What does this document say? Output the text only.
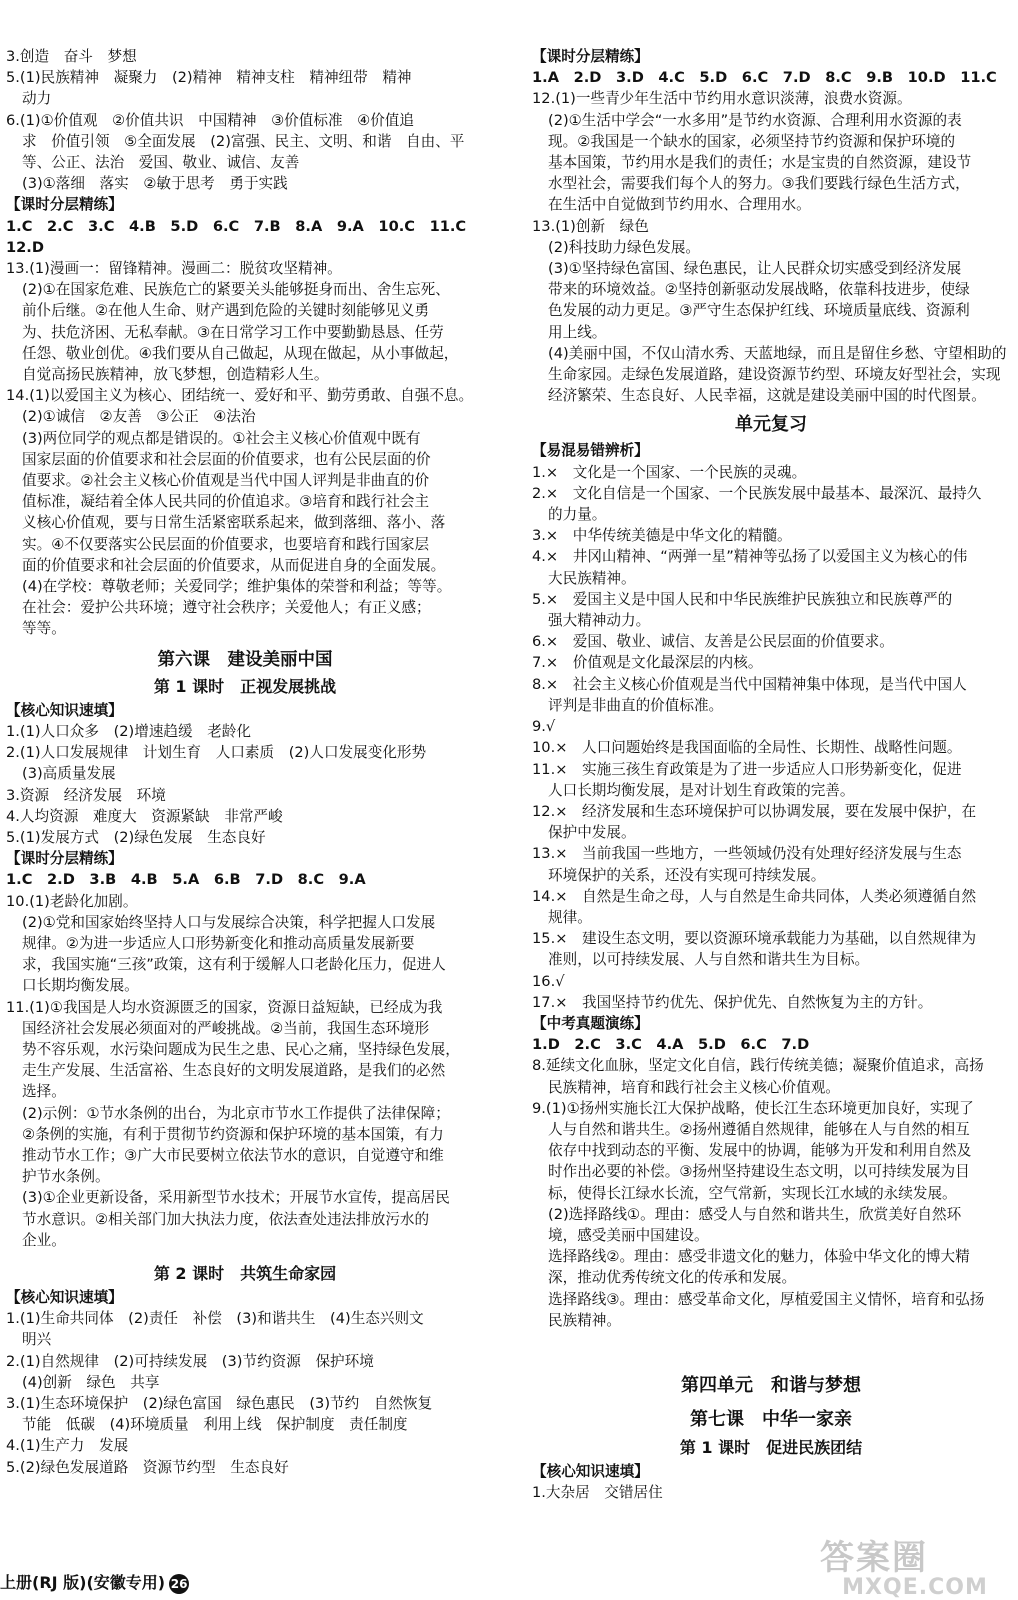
3.创造　奋斗　梦想
5.(1)民族精神　凝聚力　(2)精神　精神支柱　精神纽带　精神
动力
6.(1)①价值观　②价值共识　中国精神　③价值标准　④价值追
求　价值引领　⑤全面发展　(2)富强、民主、文明、和谐　自由、平
等、公正、法治　爱国、敬业、诚信、友善
(3)①落细　落实　②敏于思考　勇于实践
【课时分层精练】
1.C　2.C　3.C　4.B　5.D　6.C　7.B　8.A　9.A　10.C　11.C
12.D
13.(1)漫画一：留锋精神。漫画二：脱贫攻坚精神。
(2)①在国家危难、民族危亡的紧要关头能够挺身而出、舍生忘死、
前仆后继。②在他人生命、财产遇到危险的关键时刻能够见义勇
为、扶危济困、无私奉献。③在日常学习工作中要勤勤恳恳、任劳
任怨、敬业创优。④我们要从自己做起，从现在做起，从小事做起，
自觉高扬民族精神，放飞梦想，创造精彩人生。
14.(1)以爱国主义为核心、团结统一、爱好和平、勤劳勇敢、自强不息。
(2)①诚信　②友善　③公正　④法治
(3)两位同学的观点都是错误的。①社会主义核心价值观中既有
国家层面的价值要求和社会层面的价值要求，也有公民层面的价
值要求。②社会主义核心价值观是当代中国人评判是非曲直的价
值标准，凝结着全体人民共同的价值追求。③培育和践行社会主
义核心价值观，要与日常生活紧密联系起来，做到落细、落小、落
实。④不仅要落实公民层面的价值要求，也要培育和践行国家层
面的价值要求和社会层面的价值要求，从而促进自身的全面发展。
(4)在学校：尊敬老师；关爱同学；维护集体的荣誉和利益；等等。
在社会：爱护公共环境；遵守社会秩序；关爱他人；有正义感；
等等。
第六课　建设美丽中国
第 1 课时　正视发展挑战
【核心知识速填】
1.(1)人口众多　(2)增速趋缓　老龄化
2.(1)人口发展规律　计划生育　人口素质　(2)人口发展变化形势
(3)高质量发展
3.资源　经济发展　环境
4.人均资源　难度大　资源紧缺　非常严峻
5.(1)发展方式　(2)绿色发展　生态良好
【课时分层精练】
1.C　2.D　3.B　4.B　5.A　6.B　7.D　8.C　9.A
10.(1)老龄化加剧。
(2)①党和国家始终坚持人口与发展综合决策，科学把握人口发展
规律。②为进一步适应人口形势新变化和推动高质量发展新要
求，我国实施“三孩”政策，这有利于缓解人口老龄化压力，促进人
口长期均衡发展。
11.(1)①我国是人均水资源匮乏的国家，资源日益短缺，已经成为我
国经济社会发展必须面对的严峻挑战。②当前，我国生态环境形
势不容乐观，水污染问题成为民生之患、民心之痛，坚持绿色发展，
走生产发展、生活富裕、生态良好的文明发展道路，是我们的必然
选择。
(2)示例：①节水条例的出台，为北京市节水工作提供了法律保障；
②条例的实施，有利于贯彻节约资源和保护环境的基本国策，有力
推动节水工作；③广大市民要树立依法节水的意识，自觉遵守和维
护节水条例。
(3)①企业更新设备，采用新型节水技术；开展节水宣传，提高居民
节水意识。②相关部门加大执法力度，依法查处违法排放污水的
企业。
第 2 课时　共筑生命家园
【核心知识速填】
1.(1)生命共同体　(2)责任　补偿　(3)和谐共生　(4)生态兴则文
明兴
2.(1)自然规律　(2)可持续发展　(3)节约资源　保护环境
(4)创新　绿色　共享
3.(1)生态环境保护　(2)绿色富国　绿色惠民　(3)节约　自然恢复
节能　低碳　(4)环境质量　利用上线　保护制度　责任制度
4.(1)生产力　发展
5.(2)绿色发展道路　资源节约型　生态良好
【课时分层精练】
1.A　2.D　3.D　4.C　5.D　6.C　7.D　8.C　9.B　10.D　11.C
12.(1)一些青少年生活中节约用水意识淡薄，浪费水资源。
(2)①生活中学会“一水多用”是节约水资源、合理利用水资源的表
现。②我国是一个缺水的国家，必须坚持节约资源和保护环境的
基本国策，节约用水是我们的责任；水是宝贵的自然资源，建设节
水型社会，需要我们每个人的努力。③我们要践行绿色生活方式，
在生活中自觉做到节约用水、合理用水。
13.(1)创新　绿色
(2)科技助力绿色发展。
(3)①坚持绿色富国、绿色惠民，让人民群众切实感受到经济发展
带来的环境效益。②坚持创新驱动发展战略，依靠科技进步，使绿
色发展的动力更足。③严守生态保护红线、环境质量底线、资源利
用上线。
(4)美丽中国，不仅山清水秀、天蓝地绿，而且是留住乡愁、守望相助的
生命家园。走绿色发展道路，建设资源节约型、环境友好型社会，实现
经济繁荣、生态良好、人民幸福，这就是建设美丽中国的时代图景。
单元复习
【易混易错辨析】
1.×　文化是一个国家、一个民族的灵魂。
2.×　文化自信是一个国家、一个民族发展中最基本、最深沉、最持久
的力量。
3.×　中华传统美德是中华文化的精髓。
4.×　井冈山精神、“两弹一星”精神等弘扬了以爱国主义为核心的伟
大民族精神。
5.×　爱国主义是中国人民和中华民族维护民族独立和民族尊严的
强大精神动力。
6.×　爱国、敬业、诚信、友善是公民层面的价值要求。
7.×　价值观是文化最深层的内核。
8.×　社会主义核心价值观是当代中国精神集中体现，是当代中国人
评判是非曲直的价值标准。
9.√
10.×　人口问题始终是我国面临的全局性、长期性、战略性问题。
11.×　实施三孩生育政策是为了进一步适应人口形势新变化，促进
人口长期均衡发展，是对计划生育政策的完善。
12.×　经济发展和生态环境保护可以协调发展，要在发展中保护，在
保护中发展。
13.×　当前我国一些地方，一些领域仍没有处理好经济发展与生态
环境保护的关系，还没有实现可持续发展。
14.×　自然是生命之母，人与自然是生命共同体，人类必须遵循自然
规律。
15.×　建设生态文明，要以资源环境承载能力为基础，以自然规律为
准则，以可持续发展、人与自然和谐共生为目标。
16.√
17.×　我国坚持节约优先、保护优先、自然恢复为主的方针。
【中考真题演练】
1.D　2.C　3.C　4.A　5.D　6.C　7.D
8.延续文化血脉，坚定文化自信，践行传统美德；凝聚价值追求，高扬
民族精神，培育和践行社会主义核心价值观。
9.(1)①扬州实施长江大保护战略，使长江生态环境更加良好，实现了
人与自然和谐共生。②扬州遵循自然规律，能够在人与自然的相互
依存中找到动态的平衡、发展中的协调，能够为开发和利用自然及
时作出必要的补偿。③扬州坚持建设生态文明，以可持续发展为目
标，使得长江绿水长流，空气常新，实现长江水域的永续发展。
(2)选择路线①。理由：感受人与自然和谐共生，欣赏美好自然环
境，感受美丽中国建设。
选择路线②。理由：感受非遗文化的魅力，体验中华文化的博大精
深，推动优秀传统文化的传承和发展。
选择路线③。理由：感受革命文化，厚植爱国主义情怀，培育和弘扬
民族精神。
第四单元　和谐与梦想
第七课　中华一家亲
第 1 课时　促进民族团结
【核心知识速填】
1.大杂居　交错居住
上册(RJ 版)(安徽专用) 26
答案圈
MXQE.COM
